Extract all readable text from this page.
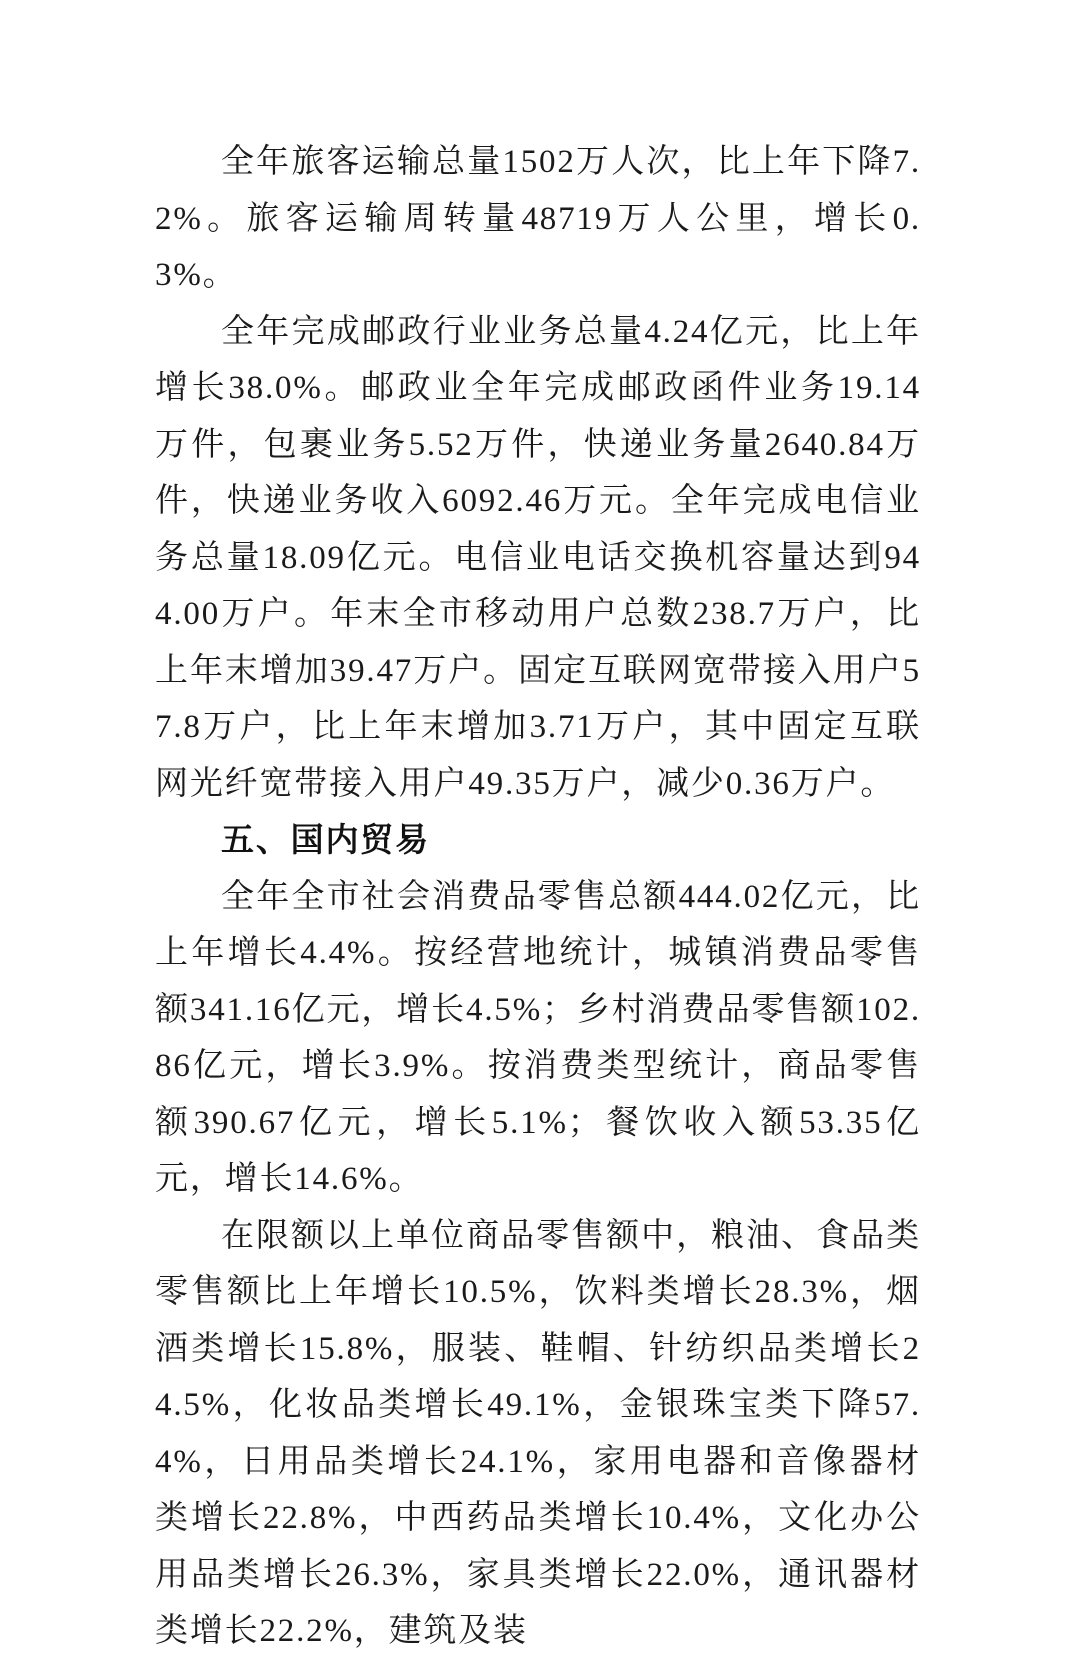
全年旅客运输总量1502万人次，比上年下降7.2%。旅客运输周转量48719万人公里，增长0.3%。

全年完成邮政行业业务总量4.24亿元，比上年增长38.0%。邮政业全年完成邮政函件业务19.14万件，包裹业务5.52万件，快递业务量2640.84万件，快递业务收入6092.46万元。全年完成电信业务总量18.09亿元。电信业电话交换机容量达到944.00万户。年末全市移动用户总数238.7万户，比上年末增加39.47万户。固定互联网宽带接入用户57.8万户，比上年末增加3.71万户，其中固定互联网光纤宽带接入用户49.35万户，减少0.36万户。

五、国内贸易

全年全市社会消费品零售总额444.02亿元，比上年增长4.4%。按经营地统计，城镇消费品零售额341.16亿元，增长4.5%；乡村消费品零售额102.86亿元，增长3.9%。按消费类型统计，商品零售额390.67亿元，增长5.1%；餐饮收入额53.35亿元，增长14.6%。

在限额以上单位商品零售额中，粮油、食品类零售额比上年增长10.5%，饮料类增长28.3%，烟酒类增长15.8%，服装、鞋帽、针纺织品类增长24.5%，化妆品类增长49.1%，金银珠宝类下降57.4%，日用品类增长24.1%，家用电器和音像器材类增长22.8%，中西药品类增长10.4%，文化办公用品类增长26.3%，家具类增长22.0%，通讯器材类增长22.2%，建筑及装
